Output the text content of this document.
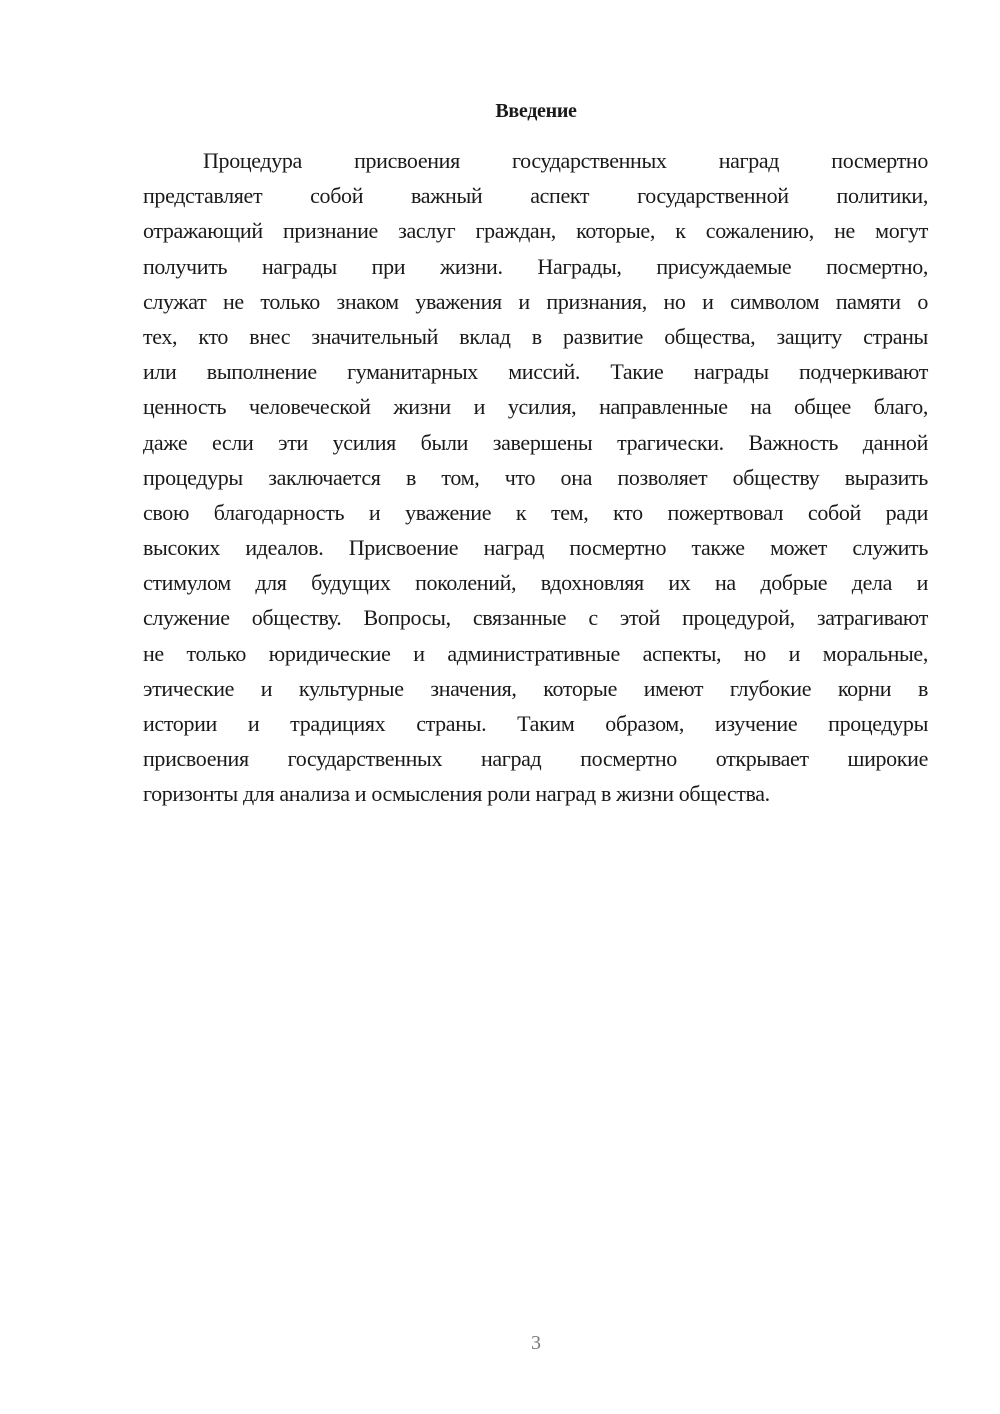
Введение
Процедура присвоения государственных наград посмертно
представляет собой важный аспект государственной политики,
отражающий признание заслуг граждан, которые, к сожалению, не могут
получить награды при жизни. Награды, присуждаемые посмертно,
служат не только знаком уважения и признания, но и символом памяти о
тех, кто внес значительный вклад в развитие общества, защиту страны
или выполнение гуманитарных миссий. Такие награды подчеркивают
ценность человеческой жизни и усилия, направленные на общее благо,
даже если эти усилия были завершены трагически. Важность данной
процедуры заключается в том, что она позволяет обществу выразить
свою благодарность и уважение к тем, кто пожертвовал собой ради
высоких идеалов. Присвоение наград посмертно также может служить
стимулом для будущих поколений, вдохновляя их на добрые дела и
служение обществу. Вопросы, связанные с этой процедурой, затрагивают
не только юридические и административные аспекты, но и моральные,
этические и культурные значения, которые имеют глубокие корни в
истории и традициях страны. Таким образом, изучение процедуры
присвоения государственных наград посмертно открывает широкие
горизонты для анализа и осмысления роли наград в жизни общества.
3
